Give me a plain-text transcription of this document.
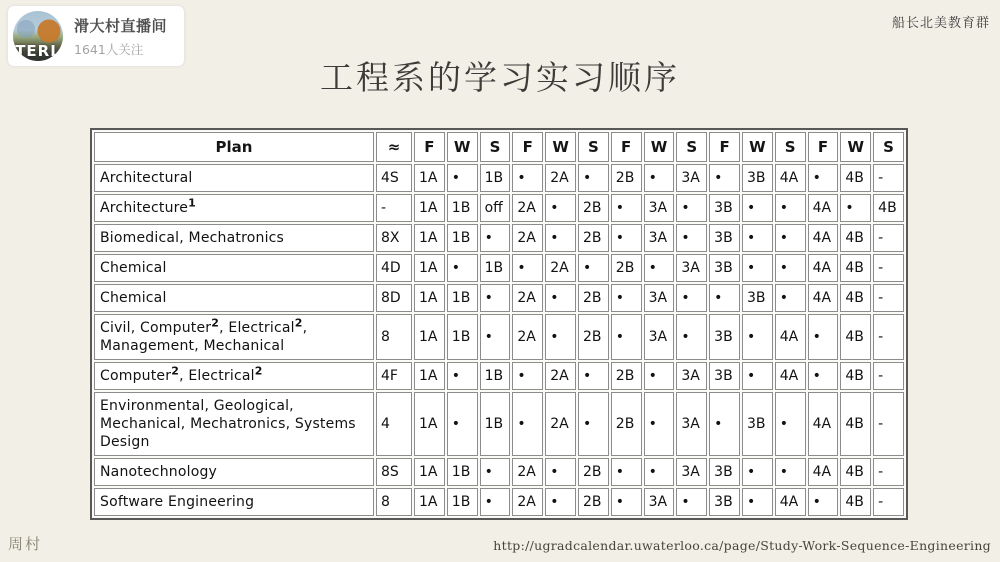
TERL
滑大村直播间
1641人关注
船长北美教育群
工程系的学习实习顺序
Plan	≈	F	W	S	F	W	S	F	W	S	F	W	S	F	W	S
Architectural	4S	1A	•	1B	•	2A	•	2B	•	3A	•	3B	4A	•	4B	-
Architecture$^1$	-	1A	1B	off	2A	•	2B	•	3A	•	3B	•	•	4A	•	4B
Biomedical, Mechatronics	8X	1A	1B	•	2A	•	2B	•	3A	•	3B	•	•	4A	4B	-
Chemical	4D	1A	•	1B	•	2A	•	2B	•	3A	3B	•	•	4A	4B	-
Chemical	8D	1A	1B	•	2A	•	2B	•	3A	•	•	3B	•	4A	4B	-
Civil, Computer$^2$, Electrical$^2$, Management, Mechanical	8	1A	1B	•	2A	•	2B	•	3A	•	3B	•	4A	•	4B	-
Computer$^2$, Electrical$^2$	4F	1A	•	1B	•	2A	•	2B	•	3A	3B	•	4A	•	4B	-
Environmental, Geological, Mechanical, Mechatronics, Systems Design	4	1A	•	1B	•	2A	•	2B	•	3A	•	3B	•	4A	4B	-
Nanotechnology	8S	1A	1B	•	2A	•	2B	•	•	3A	3B	•	•	4A	4B	-
Software Engineering	8	1A	1B	•	2A	•	2B	•	3A	•	3B	•	4A	•	4B	-
周村	http://ugradcalendar.uwaterloo.ca/page/Study-Work-Sequence-Engineering
